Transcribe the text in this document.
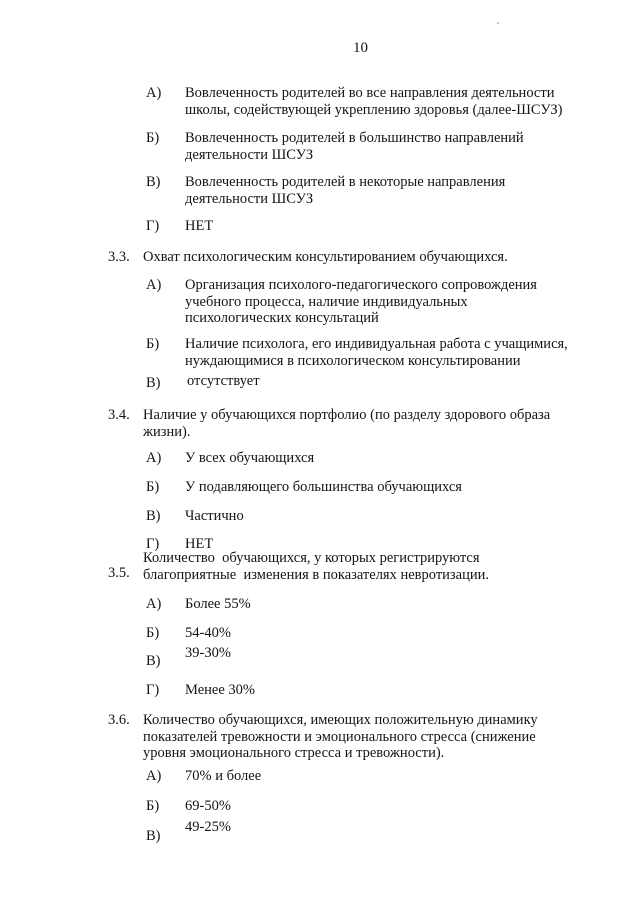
10
А) Вовлеченность родителей во все направления деятельности
школы, содействующей укреплению здоровья (далее-ШСУЗ)
Б) Вовлеченность родителей в большинство направлений
деятельности ШСУЗ
В) Вовлеченность родителей в некоторые направления
деятельности ШСУЗ
Г) НЕТ
3.3. Охват психологическим консультированием обучающихся.
А) Организация психолого-педагогического сопровождения
учебного процесса, наличие индивидуальных
психологических консультаций
Б) Наличие психолога, его индивидуальная работа с учащимися,
нуждающимися в психологическом консультировании
В) отсутствует
3.4. Наличие у обучающихся портфолио (по разделу здорового образа
жизни).
А) У всех обучающихся
Б) У подавляющего большинства обучающихся
В) Частично
Г) НЕТ
3.5.
Количество  обучающихся, у которых регистрируются
благоприятные  изменения в показателях невротизации.
А) Более 55%
Б) 54-40%
В) 39-30%
Г) Менее 30%
3.6. Количество обучающихся, имеющих положительную динамику
показателей тревожности и эмоционального стресса (снижение
уровня эмоционального стресса и тревожности).
А) 70% и более
Б) 69-50%
В)
49-25%
